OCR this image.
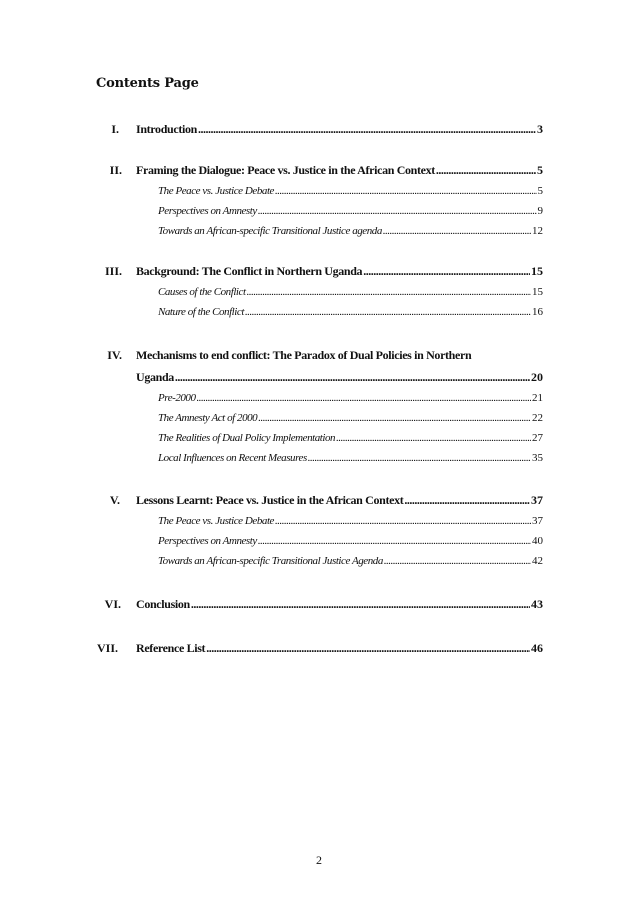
Contents Page
I. Introduction .....	3
II. Framing the Dialogue: Peace vs. Justice in the African Context .....	5
The Peace vs. Justice Debate .....	5
Perspectives on Amnesty .....	9
Towards an African-specific Transitional Justice agenda .....	12
III. Background: The Conflict in Northern Uganda .....	15
Causes of the Conflict .....	15
Nature of the Conflict .....	16
IV. Mechanisms to end conflict: The Paradox of Dual Policies in Northern
Uganda .....	20
Pre-2000 .....	21
The Amnesty Act of 2000 .....	22
The Realities of Dual Policy Implementation .....	27
Local Influences on Recent Measures .....	35
V. Lessons Learnt: Peace vs. Justice in the African Context .....	37
The Peace vs. Justice Debate .....	37
Perspectives on Amnesty .....	40
Towards an African-specific Transitional Justice Agenda .....	42
VI. Conclusion .....	43
VII. Reference List .....	46
2
